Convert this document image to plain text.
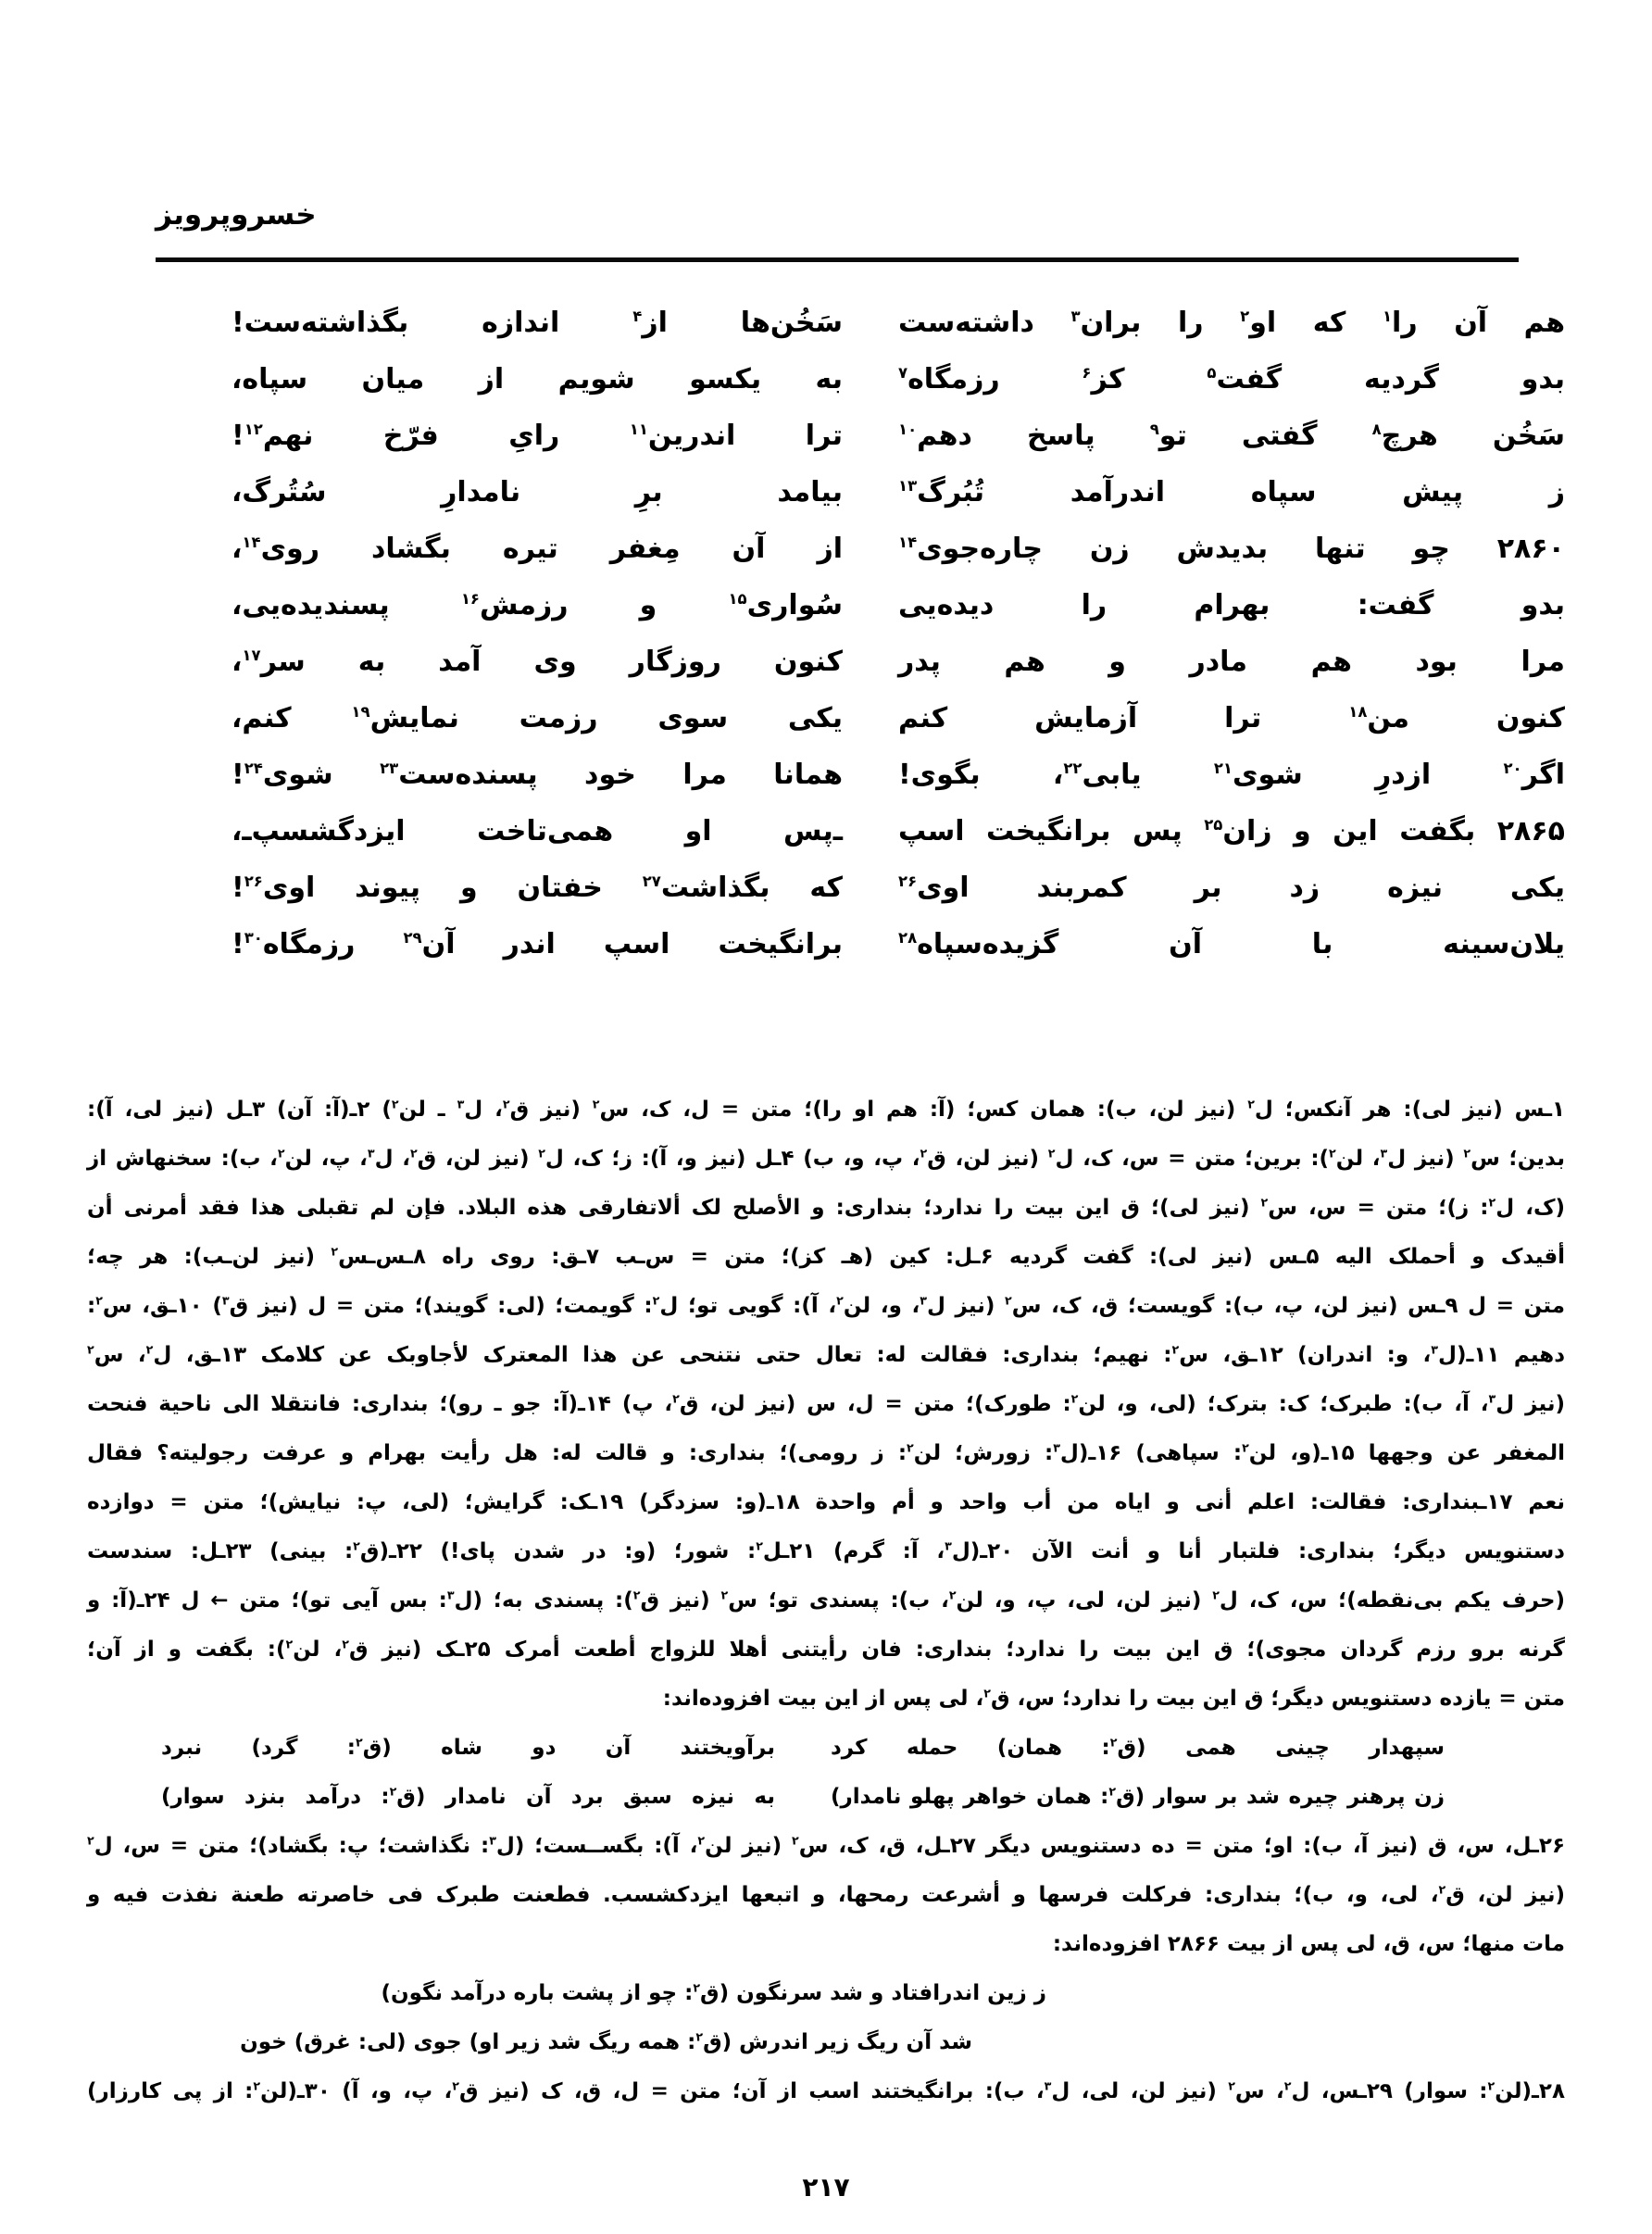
خسروپرویز
هم آن را$^۱$ که او$^۲$ را بران$^۳$ داشته‌ست
سَخُن‌ها از$^۴$ اندازه بگذاشته‌ست!
بدو گردیه گفت$^۵$ کز$^۶$ رزمگاه$^۷$
به یکسو شویم از میان سپاه،
سَخُن هرچ$^۸$ گفتی تو$^۹$ پاسخ دهم$^{۱۰}$
ترا اندرین$^{۱۱}$ رایِ فرّخ نهم$^{۱۲}$!
ز پیش سپاه اندرآمد تُبُرگ$^{۱۳}$
بیامد برِ نامدارِ سُتُرگ،
۲۸۶۰ چو تنها بدیدش زن چاره‌جوی$^{۱۴}$
از آن مِغفر تیره بگشاد روی$^{۱۴}$،
بدو گفت: بهرام را دیده‌یی
سُواری$^{۱۵}$ و رزمش$^{۱۶}$ پسندیده‌یی،
مرا بود هم مادر و هم پدر
کنون روزگار وی آمد به سر$^{۱۷}$،
کنون من$^{۱۸}$ ترا آزمایش کنم
یکی سوی رزمت نمایش$^{۱۹}$ کنم،
اگر$^{۲۰}$ ازدرِ شوی$^{۲۱}$ یابی$^{۲۲}$، بگوی!
همانا مرا خود پسنده‌ست$^{۲۳}$ شوی$^{۲۴}$!
۲۸۶۵ بگفت این و زان$^{۲۵}$ پس برانگیخت اسپ
ـ‌پس او همی‌تاخت ایزدگشسپ‌ـ،
یکی نیزه زد بر کمربند اوی$^{۲۶}$
که بگذاشت$^{۲۷}$ خفتان و پیوند اوی$^{۲۶}$!
یلان‌سینه با آن گزیده‌سپاه$^{۲۸}$
برانگیخت اسپ اندر آن$^{۲۹}$ رزمگاه$^{۳۰}$!
۱ـس (نیز لی): هر آنکس؛ ل$^۲$ (نیز لن، ب): همان کس؛ (آ: هم او را)؛ متن = ل، ک، س$^۲$ (نیز ق$^۲$، ل$^۳$ ـ لن$^۲$) ۲ـ(آ: آن) ۳ـل (نیز لی، آ):
بدین؛ س$^۲$ (نیز ل$^۳$، لن$^۲$): برین؛ متن = س، ک، ل$^۲$ (نیز لن، ق$^۲$، پ، و، ب) ۴ـل (نیز و، آ): ز؛ ک، ل$^۲$ (نیز لن، ق$^۲$، ل$^۳$، پ، لن$^۲$، ب): سخنهاش از
(ک، ل$^۲$: ز)؛ متن = س، س$^۲$ (نیز لی)؛ ق این بیت را ندارد؛ بنداری: و الأصلح لک ألاتفارقی هذه البلاد. فإن لم تقبلی هذا فقد أمرنی أن
أقیدک و أحملک الیه ۵ـس (نیز لی): گفت گردیه ۶ـل: کین (ه‍ـ کز)؛ متن = س‌ـب ۷ـق: روی راه ۸ـس‌ـس$^۲$ (نیز لن‌ـب): هر چه؛
متن = ل ۹ـس (نیز لن، پ، ب): گویست؛ ق، ک، س$^۲$ (نیز ل$^۳$، و، لن$^۲$، آ): گویی تو؛ ل$^۲$: گویمت؛ (لی: گویند)؛ متن = ل (نیز ق$^۳$) ۱۰ـق، س$^۲$:
دهیم ۱۱ـ(ل$^۳$، و: اندران) ۱۲ـق، س$^۲$: نهیم؛ بنداری: فقالت له: تعال حتی نتنحی عن هذا المعترک لأجاوبک عن کلامک ۱۳ـق، ل$^۲$، س$^۲$
(نیز ل$^۳$، آ، ب): طبرک؛ ک: بترک؛ (لی، و، لن$^۲$: طورک)؛ متن = ل، س (نیز لن، ق$^۲$، پ) ۱۴ـ(آ: جو ـ رو)؛ بنداری: فانتقلا الی ناحیة فنحت
المغفر عن وجهها ۱۵ـ(و، لن$^۲$: سپاهی) ۱۶ـ(ل$^۳$: زورش؛ لن$^۲$: ز رومی)؛ بنداری: و قالت له: هل رأیت بهرام و عرفت رجولیته؟ فقال
نعم ۱۷ـبنداری: فقالت: اعلم أنی و ایاه من أب واحد و أم واحدة ۱۸ـ(و: سزدگر) ۱۹ـک: گرایش؛ (لی، پ: نیایش)؛ متن = دوازده
دستنویس دیگر؛ بنداری: فلتبار أنا و أنت الآن ۲۰ـ(ل$^۳$، آ: گرم) ۲۱ـل$^۲$: شور؛ (و: در شدن پای!) ۲۲ـ(ق$^۲$: بینی) ۲۳ـل: سندست
(حرف یکم بی‌نقطه)؛ س، ک، ل$^۲$ (نیز لن، لی، پ، و، لن$^۲$، ب): پسندی تو؛ س$^۲$ (نیز ق$^۲$): پسندی به؛ (ل$^۳$: بس آیی تو)؛ متن ← ل ۲۴ـ(آ: و
گرنه برو رزم گردان مجوی)؛ ق این بیت را ندارد؛ بنداری: فان رأیتنی أهلا للزواج أطعت أمرک ۲۵ـک (نیز ق$^۲$، لن$^۲$): بگفت و از آن؛
متن = یازده دستنویس دیگر؛ ق این بیت را ندارد؛ س، ق$^۲$، لی پس از این بیت افزوده‌اند:
سپهدار چینی همی (ق$^۲$: همان) حمله کرد
برآویختند آن دو شاه (ق$^۲$: گرد) نبرد
زن پرهنر چیره شد بر سوار (ق$^۲$: همان خواهر پهلو نامدار)
به نیزه سبق برد آن نامدار (ق$^۲$: درآمد بنزد سوار)
۲۶ـل، س، ق (نیز آ، ب): او؛ متن = ده دستنویس دیگر ۲۷ـل، ق، ک، س$^۲$ (نیز لن$^۲$، آ): بگســست؛ (ل$^۳$: نگذاشت؛ پ: بگشاد)؛ متن = س، ل$^۲$
(نیز لن، ق$^۲$، لی، و، ب)؛ بنداری: فرکلت فرسها و أشرعت رمحها، و اتبعها ایزدکشسب. فطعنت طبرک فی خاصرته طعنة نفذت فیه و
مات منها؛ س، ق، لی پس از بیت ۲۸۶۶ افزوده‌اند:
ز زین اندرافتاد و شد سرنگون (ق$^۲$: چو از پشت باره درآمد نگون)
شد آن ریگ زیر اندرش (ق$^۲$: همه ریگ شد زیر او) جوی (لی: غرق) خون
۲۸ـ(لن$^۲$: سوار) ۲۹ـس، ل$^۲$، س$^۲$ (نیز لن، لی، ل$^۳$، ب): برانگیختند اسب از آن؛ متن = ل، ق، ک (نیز ق$^۲$، پ، و، آ) ۳۰ـ(لن$^۲$: از پی کارزار)
۲۱۷
